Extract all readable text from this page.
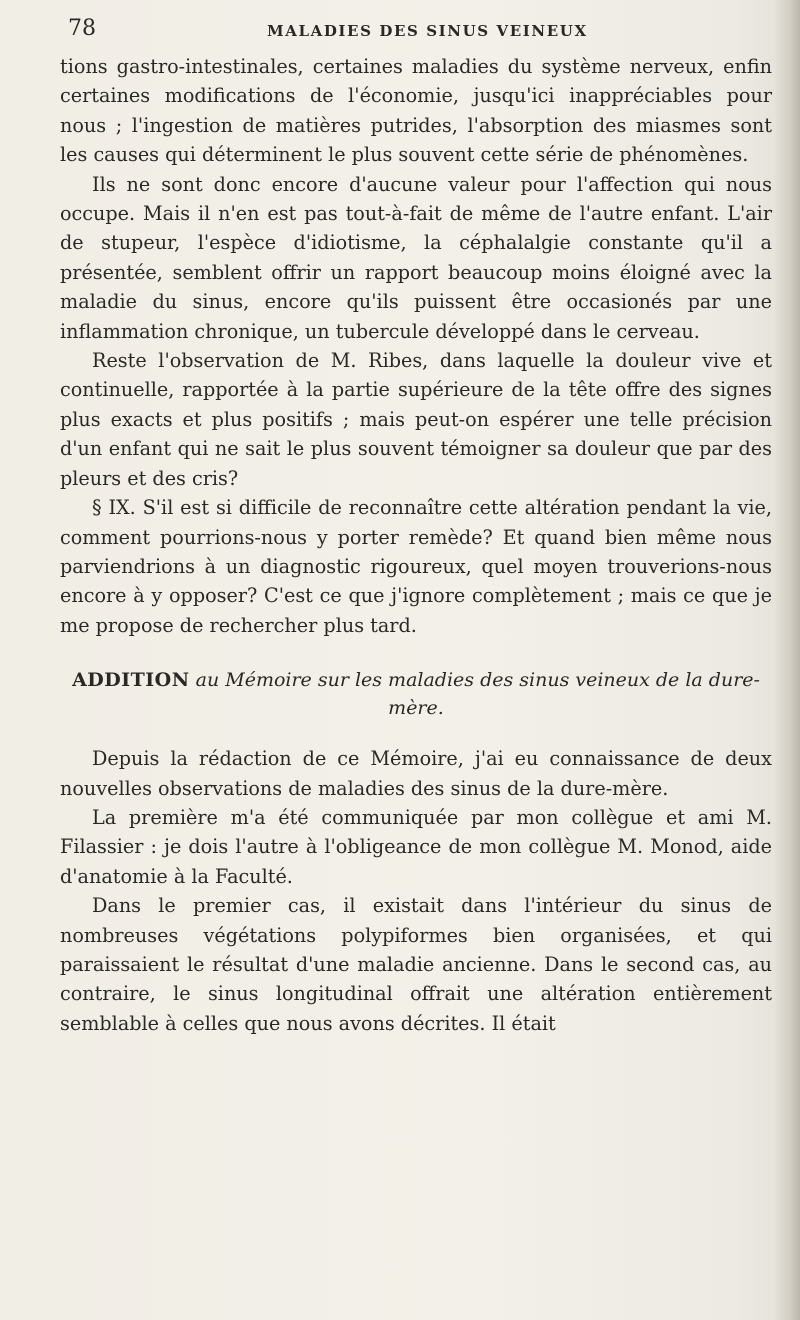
78	MALADIES DES SINUS VEINEUX

tions gastro-intestinales, certaines maladies du système nerveux, enfin certaines modifications de l'économie, jusqu'ici inappréciables pour nous ; l'ingestion de matières putrides, l'absorption des miasmes sont les causes qui déterminent le plus souvent cette série de phénomènes.

Ils ne sont donc encore d'aucune valeur pour l'affection qui nous occupe. Mais il n'en est pas tout-à-fait de même de l'autre enfant. L'air de stupeur, l'espèce d'idiotisme, la céphalalgie constante qu'il a présentée, semblent offrir un rapport beaucoup moins éloigné avec la maladie du sinus, encore qu'ils puissent être occasionés par une inflammation chronique, un tubercule développé dans le cerveau.

Reste l'observation de M. Ribes, dans laquelle la douleur vive et continuelle, rapportée à la partie supérieure de la tête offre des signes plus exacts et plus positifs ; mais peut-on espérer une telle précision d'un enfant qui ne sait le plus souvent témoigner sa douleur que par des pleurs et des cris?

§ IX. S'il est si difficile de reconnaître cette altération pendant la vie, comment pourrions-nous y porter remède? Et quand bien même nous parviendrions à un diagnostic rigoureux, quel moyen trouverions-nous encore à y opposer? C'est ce que j'ignore complètement ; mais ce que je me propose de rechercher plus tard.

ADDITION au Mémoire sur les maladies des sinus veineux de la dure-mère.

Depuis la rédaction de ce Mémoire, j'ai eu connaissance de deux nouvelles observations de maladies des sinus de la dure-mère.

La première m'a été communiquée par mon collègue et ami M. Filassier : je dois l'autre à l'obligeance de mon collègue M. Monod, aide d'anatomie à la Faculté.

Dans le premier cas, il existait dans l'intérieur du sinus de nombreuses végétations polypiformes bien organisées, et qui paraissaient le résultat d'une maladie ancienne. Dans le second cas, au contraire, le sinus longitudinal offrait une altération entièrement semblable à celles que nous avons décrites. Il était
